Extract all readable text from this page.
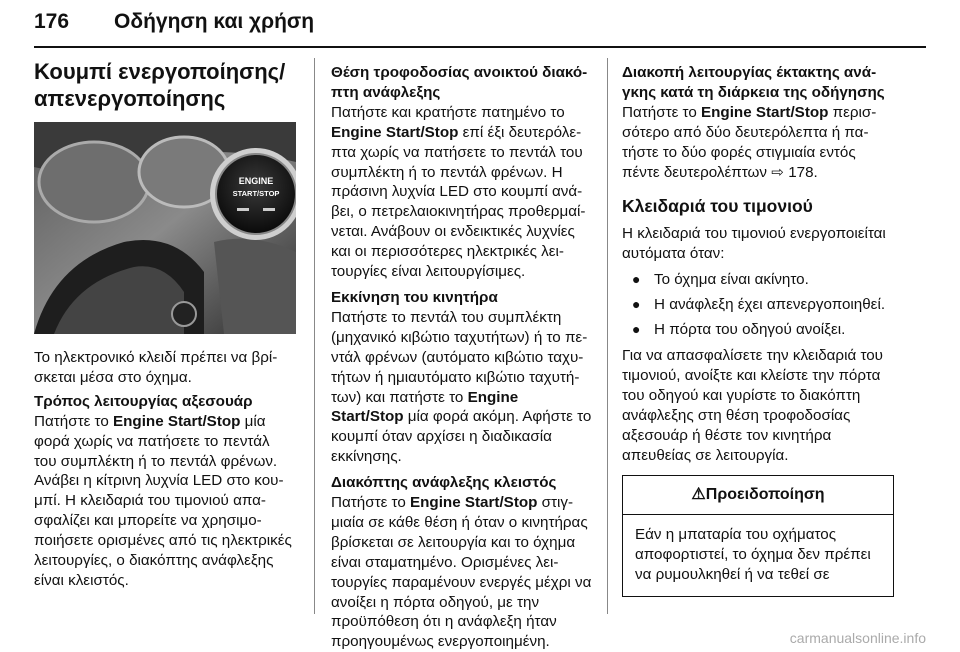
176 Οδήγηση και χρήση
Κουμπί ενεργοποίησης/ απενεργοποίησης
ENGINE
START/STOP

Το ηλεκτρονικό κλειδί πρέπει να βρίσκεται μέσα στο όχημα.

Τρόπος λειτουργίας αξεσουάρ

Πατήστε το Engine Start/Stop μία φορά χωρίς να πατήσετε το πεντάλ του συμπλέκτη ή το πεντάλ φρένων. Ανάβει η κίτρινη λυχνία LED στο κουμπί. Η κλειδαριά του τιμονιού απασφαλίζει και μπορείτε να χρησιμοποιήσετε ορισμένες από τις ηλεκτρικές λειτουργίες, ο διακόπτης ανάφλεξης είναι κλειστός.

Θέση τροφοδοσίας ανοικτού διακόπτη ανάφλεξης

Πατήστε και κρατήστε πατημένο το Engine Start/Stop επί έξι δευτερόλεπτα χωρίς να πατήσετε το πεντάλ του συμπλέκτη ή το πεντάλ φρένων. Η πράσινη λυχνία LED στο κουμπί ανάβει, ο πετρελαιοκινητήρας προθερμαίνεται. Ανάβουν οι ενδεικτικές λυχνίες και οι περισσότερες ηλεκτρικές λειτουργίες είναι λειτουργίσιμες.

Εκκίνηση του κινητήρα

Πατήστε το πεντάλ του συμπλέκτη (μηχανικό κιβώτιο ταχυτήτων) ή το πεντάλ φρένων (αυτόματο κιβώτιο ταχυτήτων ή ημιαυτόματο κιβώτιο ταχυτήτων) και πατήστε το Engine Start/Stop μία φορά ακόμη. Αφήστε το κουμπί όταν αρχίσει η διαδικασία εκκίνησης.

Διακόπτης ανάφλεξης κλειστός

Πατήστε το Engine Start/Stop στιγμιαία σε κάθε θέση ή όταν ο κινητήρας βρίσκεται σε λειτουργία και το όχημα είναι σταματημένο. Ορισμένες λειτουργίες παραμένουν ενεργές μέχρι να ανοίξει η πόρτα οδηγού, με την προϋπόθεση ότι η ανάφλεξη ήταν προηγουμένως ενεργοποιημένη.

Διακοπή λειτουργίας έκτακτης ανάγκης κατά τη διάρκεια της οδήγησης

Πατήστε το Engine Start/Stop περισσότερο από δύο δευτερόλεπτα ή πατήστε το δύο φορές στιγμιαία εντός πέντε δευτερολέπτων ⇨ 178.

Κλειδαριά του τιμονιού

Η κλειδαριά του τιμονιού ενεργοποιείται αυτόματα όταν:

● Το όχημα είναι ακίνητο.
● Η ανάφλεξη έχει απενεργοποιηθεί.
● Η πόρτα του οδηγού ανοίξει.

Για να απασφαλίσετε την κλειδαριά του τιμονιού, ανοίξτε και κλείστε την πόρτα του οδηγού και γυρίστε το διακόπτη ανάφλεξης στη θέση τροφοδοσίας αξεσουάρ ή θέστε τον κινητήρα απευθείας σε λειτουργία.

⚠Προειδοποίηση
Εάν η μπαταρία του οχήματος αποφορτιστεί, το όχημα δεν πρέπει να ρυμουλκηθεί ή να τεθεί σε
carmanualsonline.info
